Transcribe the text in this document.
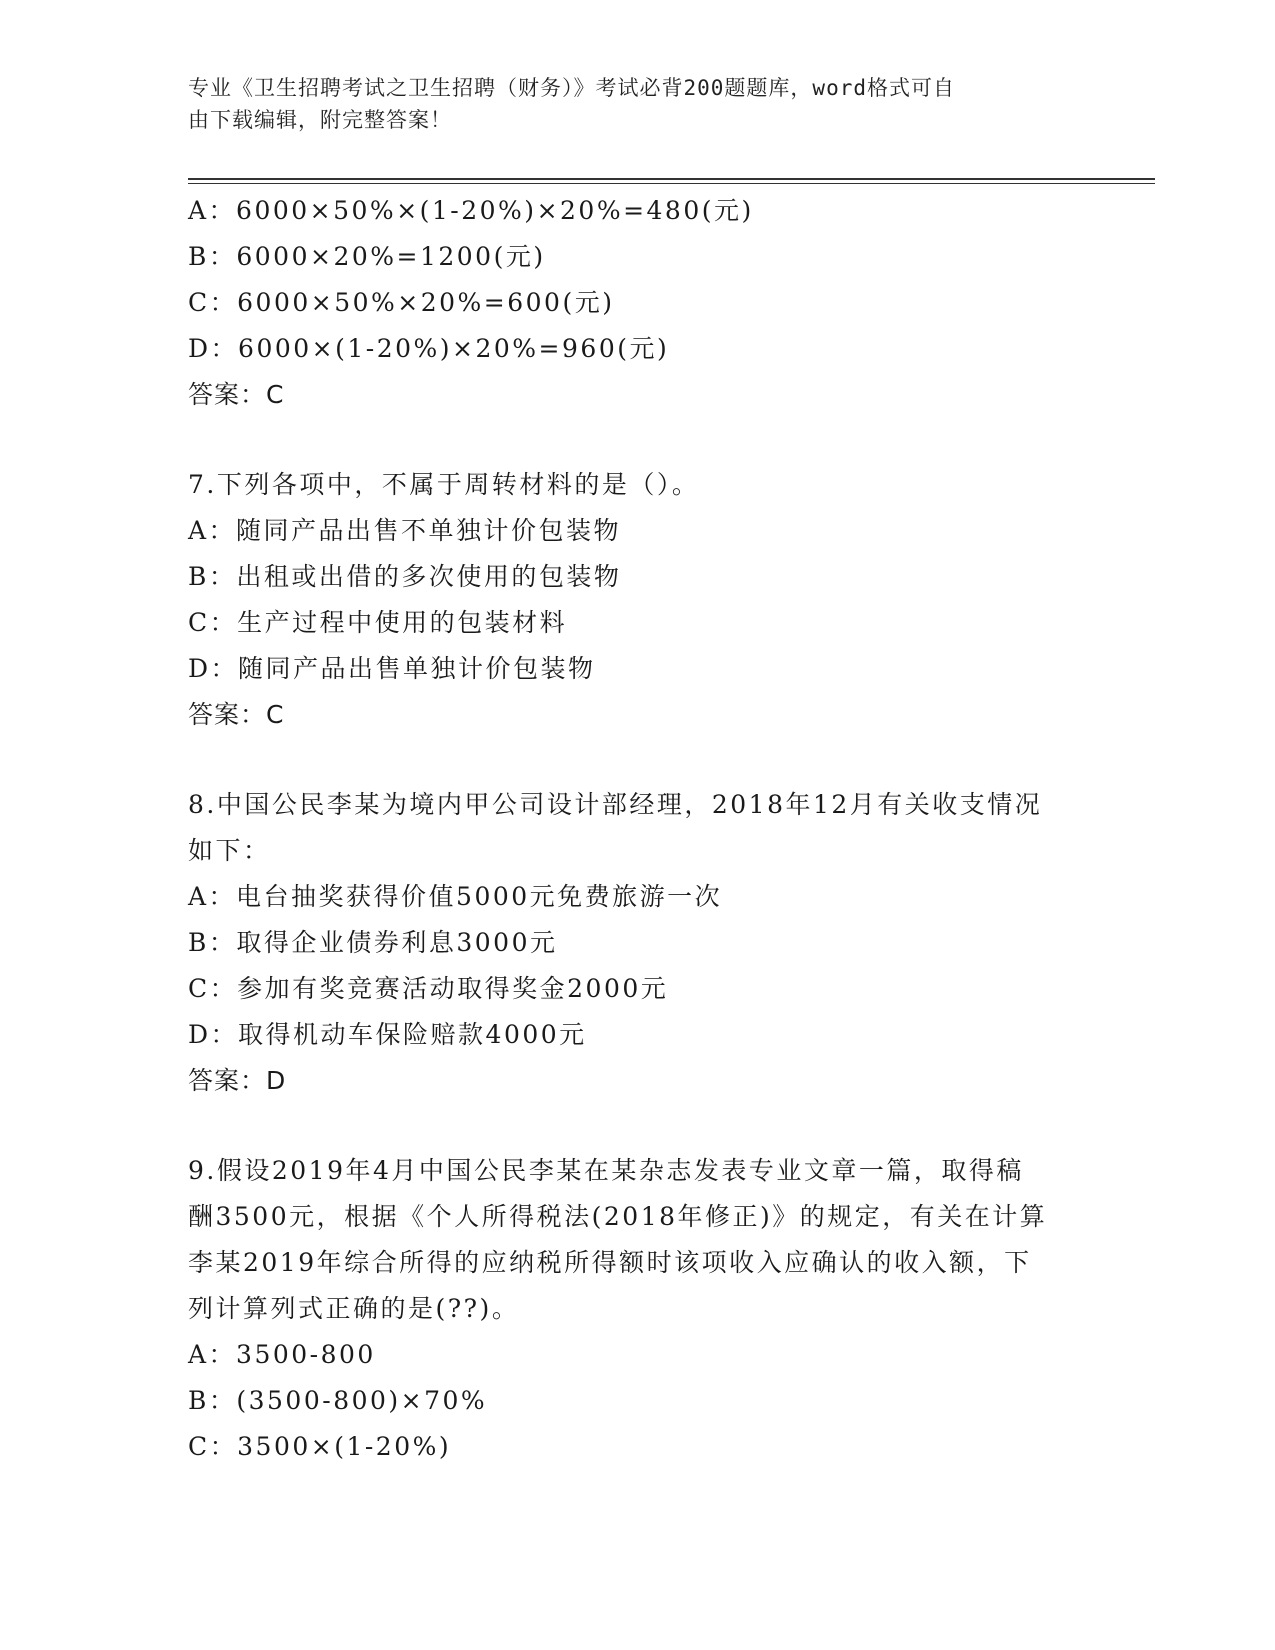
专业《卫生招聘考试之卫生招聘（财务）》考试必背200题题库，word格式可自
由下载编辑，附完整答案！
A：6000×50%×(1-20%)×20%=480(元)
B：6000×20%=1200(元)
C：6000×50%×20%=600(元)
D：6000×(1-20%)×20%=960(元)
答案：C
7.下列各项中，不属于周转材料的是（）。
A：随同产品出售不单独计价包装物
B：出租或出借的多次使用的包装物
C：生产过程中使用的包装材料
D：随同产品出售单独计价包装物
答案：C
8.中国公民李某为境内甲公司设计部经理，2018年12月有关收支情况
如下：
A：电台抽奖获得价值5000元免费旅游一次
B：取得企业债券利息3000元
C：参加有奖竞赛活动取得奖金2000元
D：取得机动车保险赔款4000元
答案：D
9.假设2019年4月中国公民李某在某杂志发表专业文章一篇，取得稿
酬3500元，根据《个人所得税法(2018年修正)》的规定，有关在计算
李某2019年综合所得的应纳税所得额时该项收入应确认的收入额，下
列计算列式正确的是(??)。
A：3500-800
B：(3500-800)×70%
C：3500×(1-20%)
